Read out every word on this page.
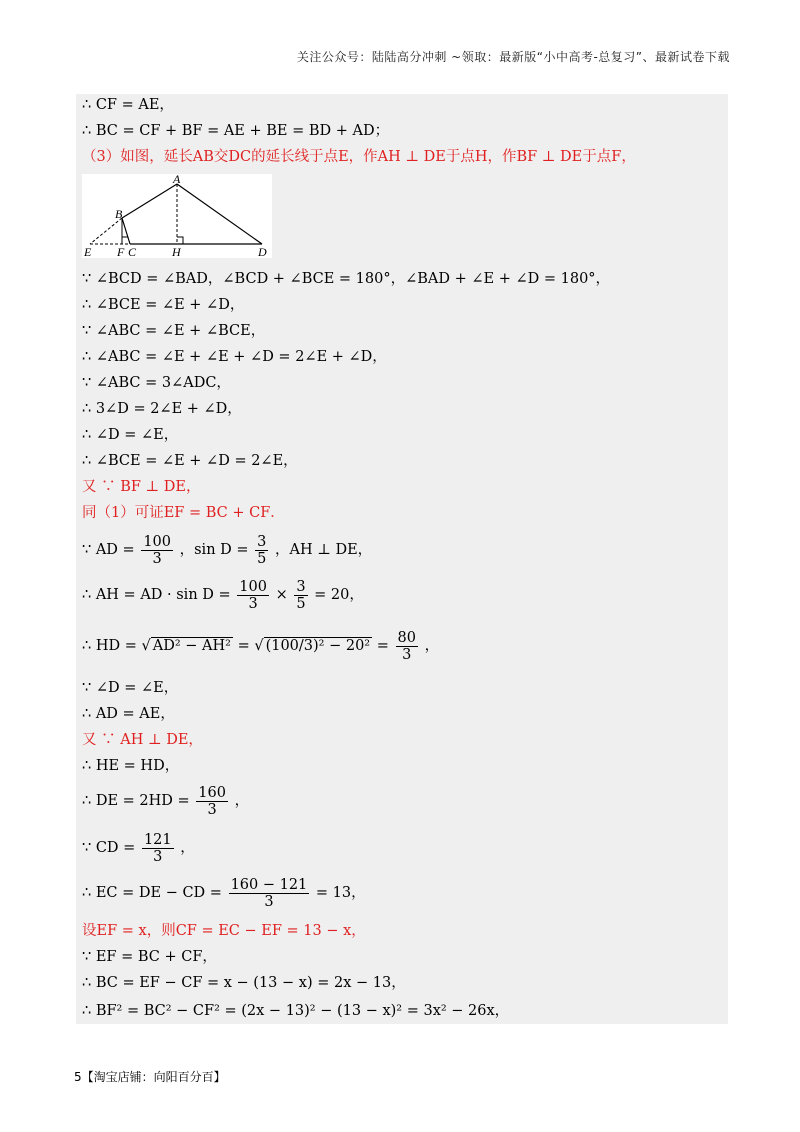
关注公众号：陆陆高分冲刺 ~领取：最新版“小中高考-总复习”、最新试卷下载
∴ CF = AE，
∴ BC = CF + BF = AE + BE = BD + AD；
（3）如图，延长AB交DC的延长线于点E，作AH ⊥ DE于点H，作BF ⊥ DE于点F，
A
B
E F C	H	D
∵ ∠BCD = ∠BAD，∠BCD + ∠BCE = 180°，∠BAD + ∠E + ∠D = 180°，
∴ ∠BCE = ∠E + ∠D，
∵ ∠ABC = ∠E + ∠BCE，
∴ ∠ABC = ∠E + ∠E + ∠D = 2∠E + ∠D，
∵ ∠ABC = 3∠ADC，
∴ 3∠D = 2∠E + ∠D，
∴ ∠D = ∠E，
∴ ∠BCE = ∠E + ∠D = 2∠E，
又 ∵ BF ⊥ DE，
同（1）可证EF = BC + CF．
∵ AD = $\frac{100}{3}$ ，$\sin D = \frac{3}{5}$ ，AH ⊥ DE，
∴ AH = AD · $\sin D = \frac{100}{3} \times \frac{3}{5} = 20$，
∴ HD = √ AD² − AH² = √ $(100/3)^2 - 20^2 = \frac{80}{3}$ ，
∵ ∠D = ∠E，
∴ AD = AE，
又 ∵ AH ⊥ DE，
∴ HE = HD，
∴ DE = $2HD = \frac{160}{3}$ ，
∵ CD = $\frac{121}{3}$ ，
∴ EC = DE − CD = $\frac{160 - 121}{3} = 13$，
设EF = x，则CF = EC − EF = 13 − x，
∵ EF = BC + CF，
∴ BC = EF − CF = x − (13 − x) = 2x − 13，
∴ BF² = BC² − CF² = (2x − 13)² − (13 − x)² = 3x² − 26x，
5【淘宝店铺：向阳百分百】
